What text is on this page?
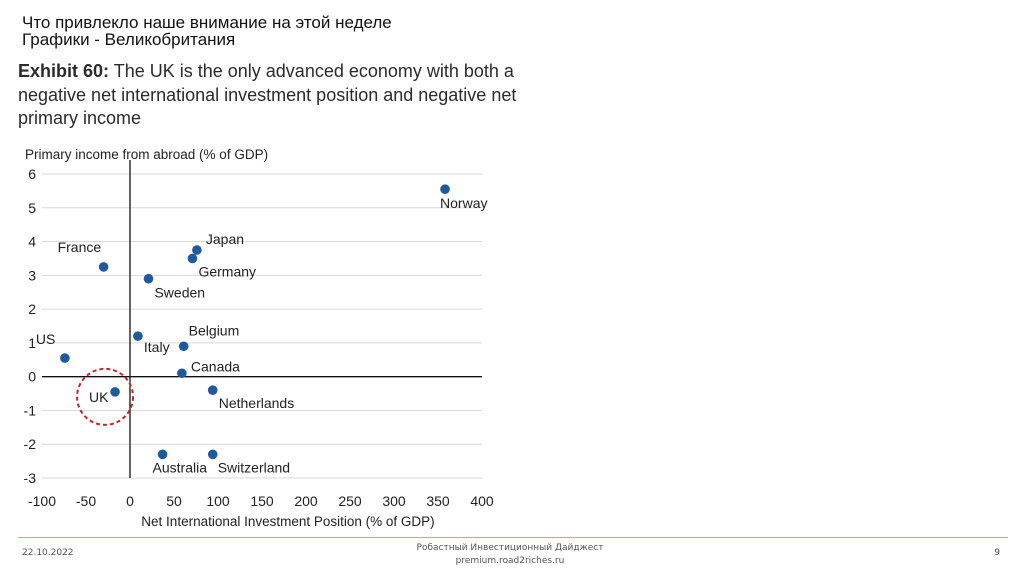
Что привлекло наше внимание на этой неделе
Графики - Великобритания
Exhibit 60: The UK is the only advanced economy with both a negative net international investment position and negative net primary income
-3
-2
-1
0
1
2
3
4
5
6
-100 -50 0 50 100 150 200 250 300 350 400
Norway
Japan
Germany
France
Sweden
Belgium
Italy
US
Canada
Netherlands
UK
Australia Switzerland
Primary income from abroad (% of GDP)
Net International Investment Position (% of GDP)
22.10.2022	Робастный Инвестиционный Дайджест
premium.road2riches.ru
9
